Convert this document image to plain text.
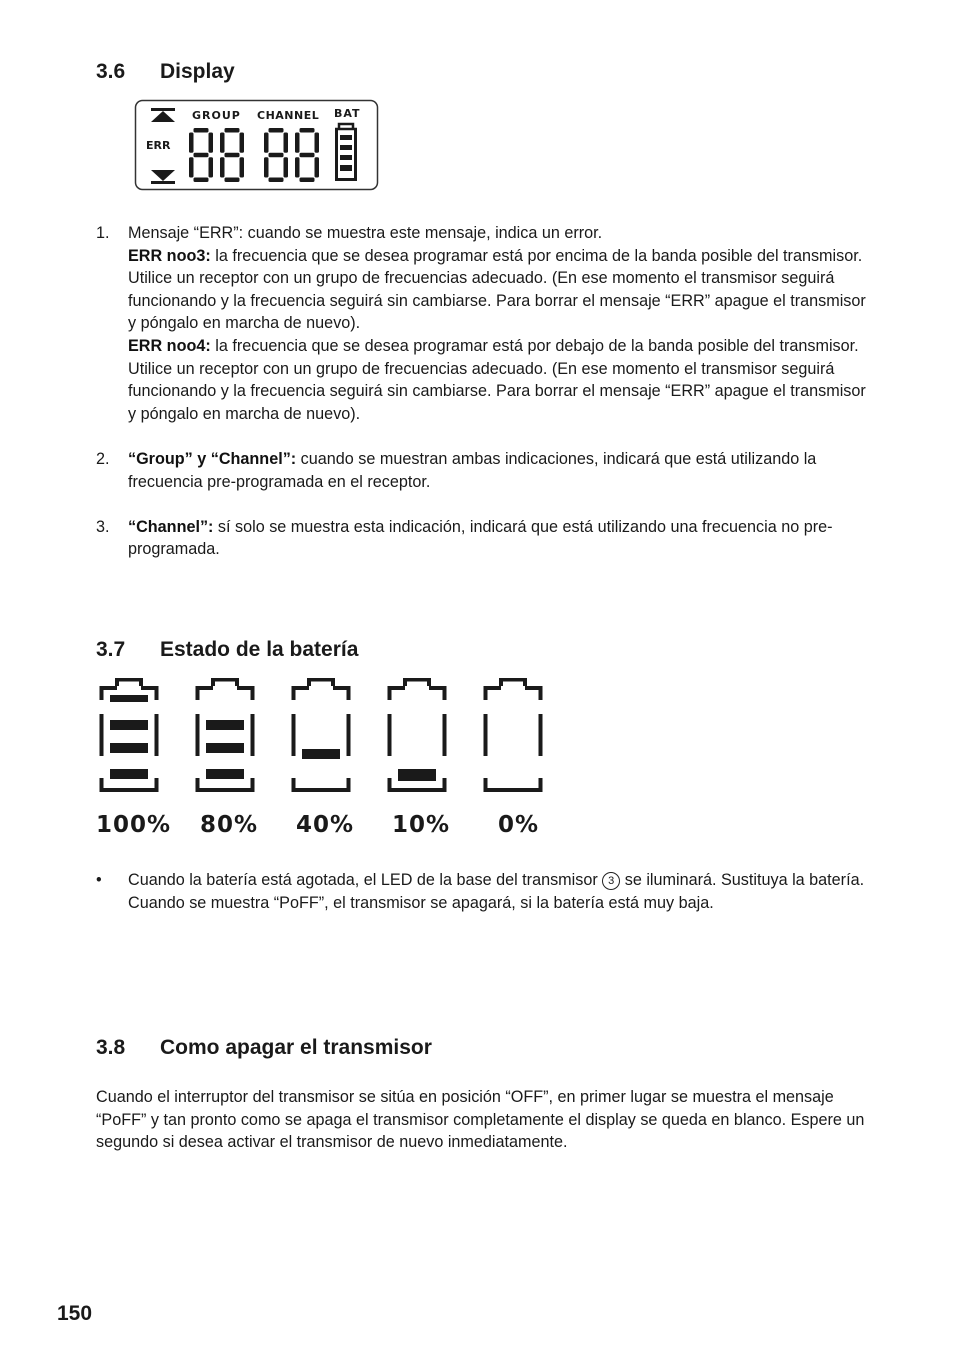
3.6	Display
ERR
GROUP CHANNEL BAT
1.	Mensaje “ERR”: cuando se muestra este mensaje, indica un error.
ERR noo3: la frecuencia que se desea programar está por encima de la banda posible del transmisor. Utilice un receptor con un grupo de frecuencias adecuado. (En ese momento el transmisor seguirá funcionando y la frecuencia seguirá sin cambiarse. Para borrar el mensaje “ERR” apague el transmisor y póngalo en marcha de nuevo).
ERR noo4: la frecuencia que se desea programar está por debajo de la banda posible del transmisor. Utilice un receptor con un grupo de frecuencias adecuado. (En ese momento el transmisor seguirá funcionando y la frecuencia seguirá sin cambiarse. Para borrar el mensaje “ERR” apague el transmisor y póngalo en marcha de nuevo).
2.	“Group” y “Channel”: cuando se muestran ambas indicaciones, indicará que está utilizando la frecuencia pre-programada en el receptor.
3.	“Channel”: sí solo se muestra esta indicación, indicará que está utilizando una frecuencia no pre-programada.
3.7	Estado de la batería
100% 80% 40% 10% 0%
•	Cuando la batería está agotada, el LED de la base del transmisor 3 se iluminará. Sustituya la batería. Cuando se muestra “PoFF”, el transmisor se apagará, si la batería está muy baja.
3.8	Como apagar el transmisor
Cuando el interruptor del transmisor se sitúa en posición “OFF”, en primer lugar se muestra el mensaje “PoFF” y tan pronto como se apaga el transmisor completamente el display se queda en blanco. Espere un segundo si desea activar el transmisor de nuevo inmediatamente.
150
